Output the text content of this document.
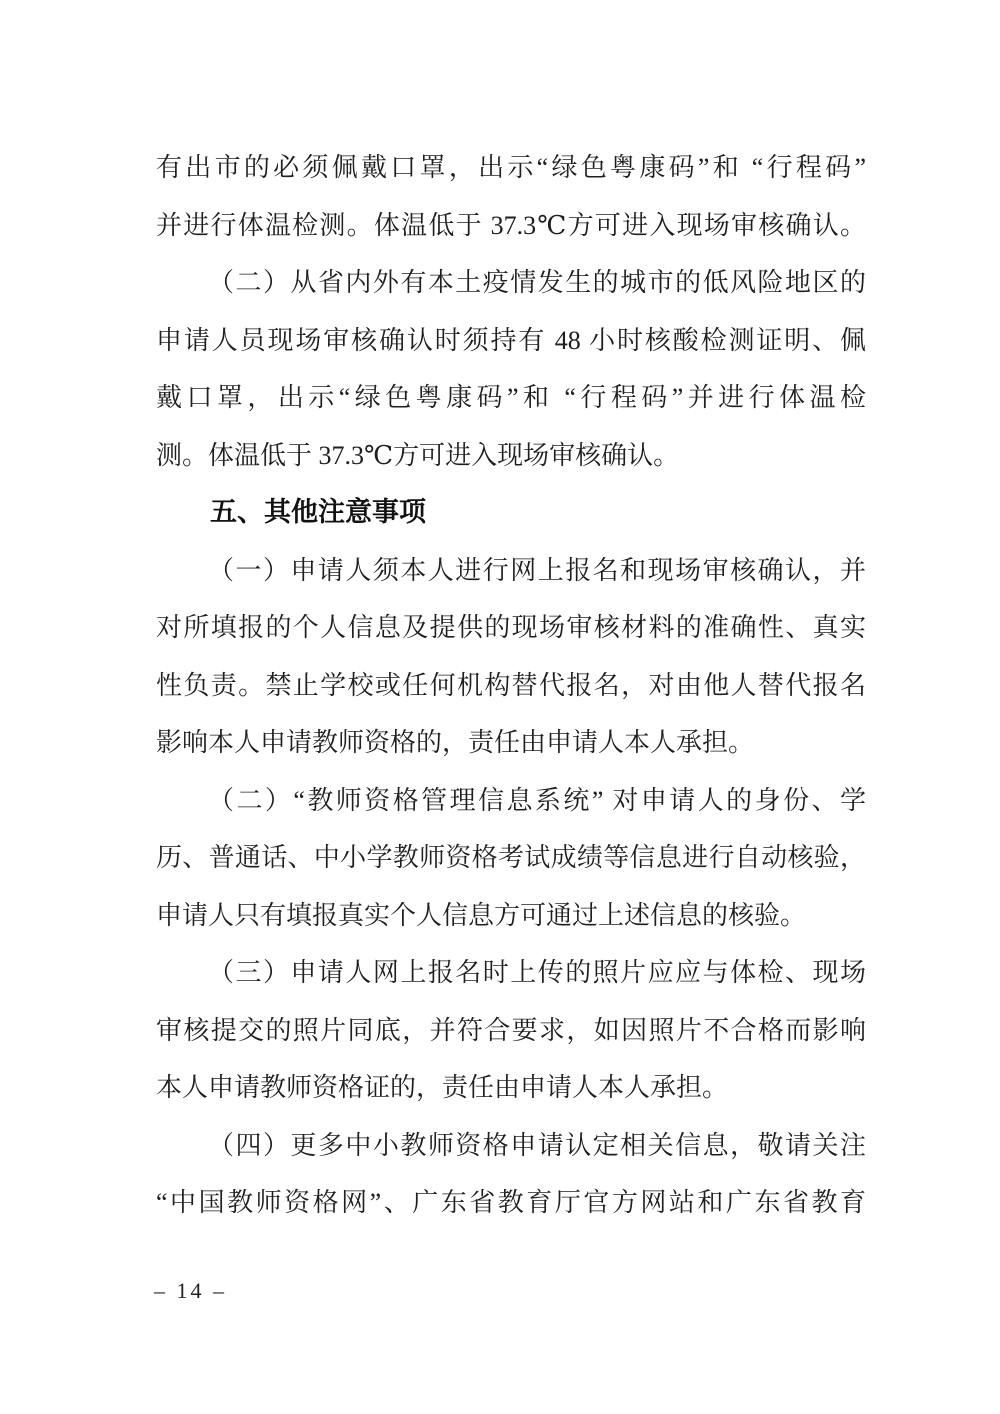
有出市的必须佩戴口罩，出示“绿色粤康码”和 “行程码”
并进行体温检测。体温低于 37.3℃方可进入现场审核确认。
（二）从省内外有本土疫情发生的城市的低风险地区的
申请人员现场审核确认时须持有 48 小时核酸检测证明、佩
戴口罩，出示“绿色粤康码”和 “行程码”并进行体温检
测。体温低于 37.3℃方可进入现场审核确认。
五、其他注意事项
（一）申请人须本人进行网上报名和现场审核确认，并
对所填报的个人信息及提供的现场审核材料的准确性、真实
性负责。禁止学校或任何机构替代报名，对由他人替代报名
影响本人申请教师资格的，责任由申请人本人承担。
（二）“教师资格管理信息系统” 对申请人的身份、学
历、普通话、中小学教师资格考试成绩等信息进行自动核验，
申请人只有填报真实个人信息方可通过上述信息的核验。
（三）申请人网上报名时上传的照片应应与体检、现场
审核提交的照片同底，并符合要求，如因照片不合格而影响
本人申请教师资格证的，责任由申请人本人承担。
（四）更多中小教师资格申请认定相关信息，敬请关注
“中国教师资格网”、广东省教育厅官方网站和广东省教育
– 14 –
